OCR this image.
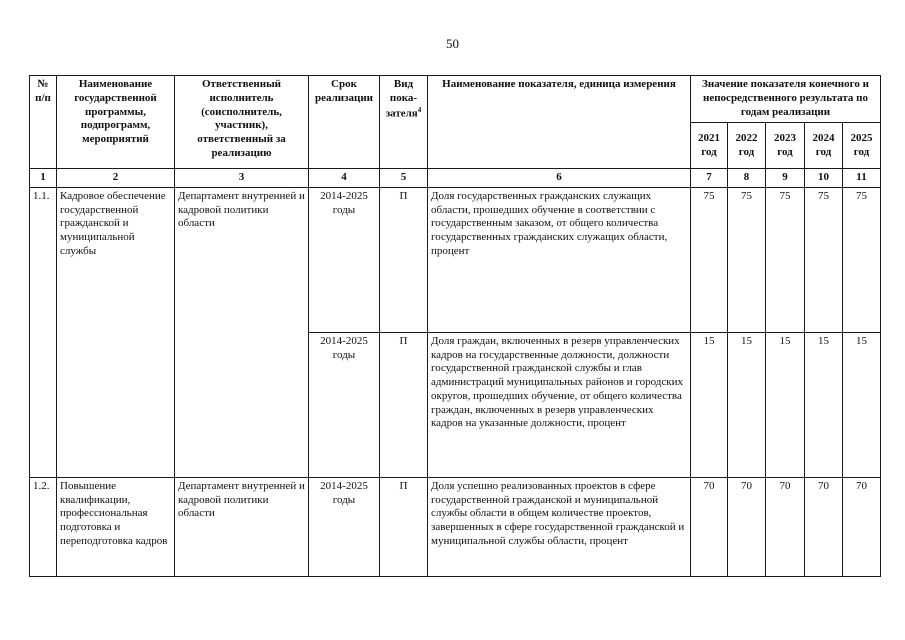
50
№ п/п	Наименование государственной программы, подпрограмм, мероприятий	Ответственный исполнитель (соисполнитель, участник), ответственный за реализацию	Срок реализации	Вид пока-зателя$^4$	Наименование показателя, единица измерения	Значение показателя конечного и непосредственного результата по годам реализации				
						2021 год	2022 год	2023 год	2024 год	2025 год
1	2	3	4	5	6	7	8	9	10	11
1.1.	Кадровое обеспечение государственной гражданской и муниципальной службы	Департамент внутренней и кадровой политики области	2014-2025 годы	П	Доля государственных гражданских служащих области, прошедших обучение в соответствии с государственным заказом, от общего количества государственных гражданских служащих области, процент	75	75	75	75	75
			2014-2025 годы	П	Доля граждан, включенных в резерв управленческих кадров на государственные должности, должности государственной гражданской службы и глав администраций муниципальных районов и городских округов, прошедших обучение, от общего количества граждан, включенных в резерв управленческих кадров на указанные должности, процент	15	15	15	15	15
1.2.	Повышение квалификации, профессиональная подготовка и переподготовка кадров	Департамент внутренней и кадровой политики области	2014-2025 годы	П	Доля успешно реализованных проектов в сфере государственной гражданской и муниципальной службы области в общем количестве проектов, завершенных в сфере государственной гражданской и муниципальной службы области, процент	70	70	70	70	70
